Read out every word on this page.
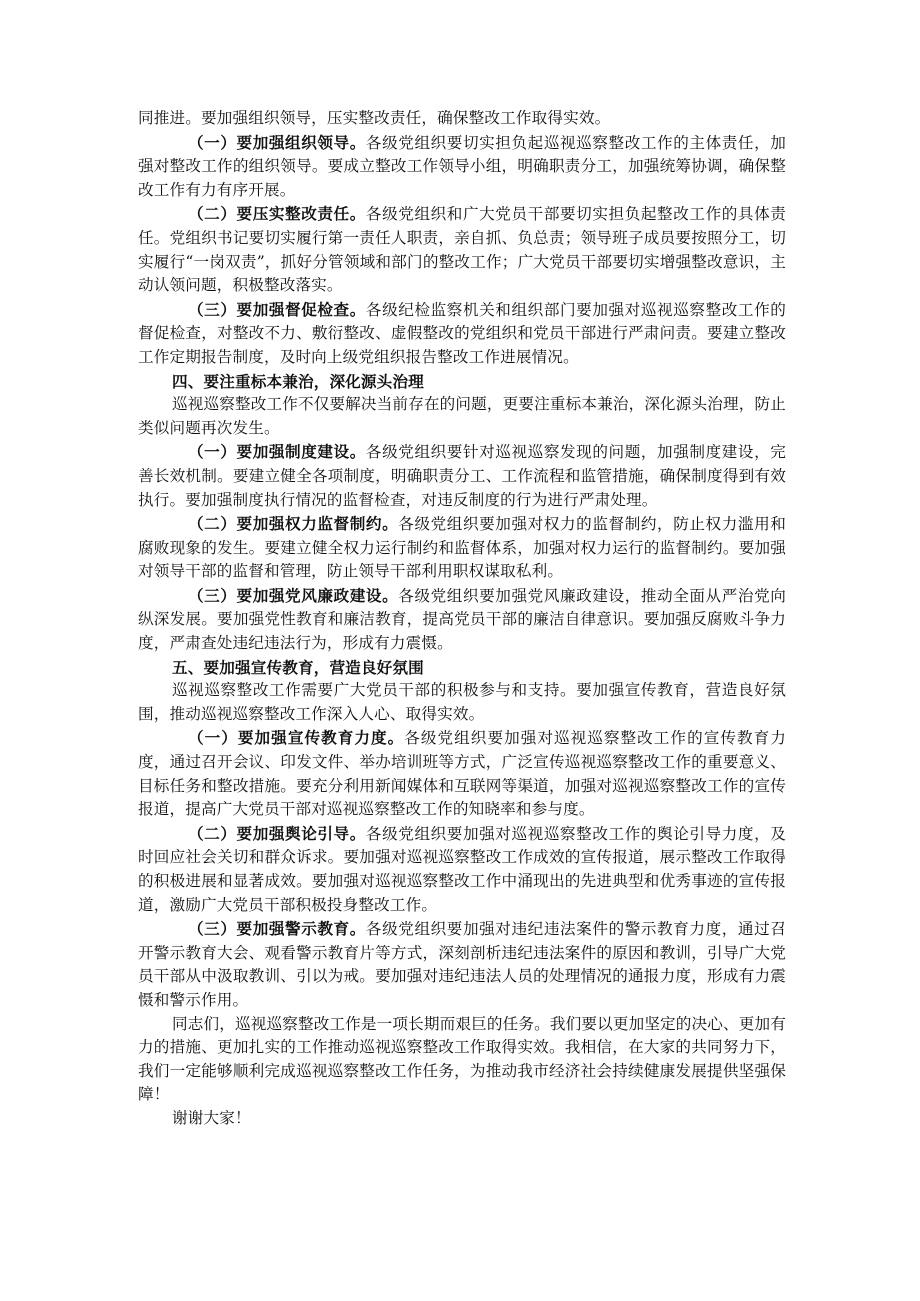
同推进。要加强组织领导，压实整改责任，确保整改工作取得实效。

（一）要加强组织领导。各级党组织要切实担负起巡视巡察整改工作的主体责任，加强对整改工作的组织领导。要成立整改工作领导小组，明确职责分工，加强统筹协调，确保整改工作有力有序开展。

（二）要压实整改责任。各级党组织和广大党员干部要切实担负起整改工作的具体责任。党组织书记要切实履行第一责任人职责，亲自抓、负总责；领导班子成员要按照分工，切实履行“一岗双责”，抓好分管领域和部门的整改工作；广大党员干部要切实增强整改意识，主动认领问题，积极整改落实。

（三）要加强督促检查。各级纪检监察机关和组织部门要加强对巡视巡察整改工作的督促检查，对整改不力、敷衍整改、虚假整改的党组织和党员干部进行严肃问责。要建立整改工作定期报告制度，及时向上级党组织报告整改工作进展情况。

四、要注重标本兼治，深化源头治理

巡视巡察整改工作不仅要解决当前存在的问题，更要注重标本兼治，深化源头治理，防止类似问题再次发生。

（一）要加强制度建设。各级党组织要针对巡视巡察发现的问题，加强制度建设，完善长效机制。要建立健全各项制度，明确职责分工、工作流程和监管措施，确保制度得到有效执行。要加强制度执行情况的监督检查，对违反制度的行为进行严肃处理。

（二）要加强权力监督制约。各级党组织要加强对权力的监督制约，防止权力滥用和腐败现象的发生。要建立健全权力运行制约和监督体系，加强对权力运行的监督制约。要加强对领导干部的监督和管理，防止领导干部利用职权谋取私利。

（三）要加强党风廉政建设。各级党组织要加强党风廉政建设，推动全面从严治党向纵深发展。要加强党性教育和廉洁教育，提高党员干部的廉洁自律意识。要加强反腐败斗争力度，严肃查处违纪违法行为，形成有力震慑。

五、要加强宣传教育，营造良好氛围

巡视巡察整改工作需要广大党员干部的积极参与和支持。要加强宣传教育，营造良好氛围，推动巡视巡察整改工作深入人心、取得实效。

（一）要加强宣传教育力度。各级党组织要加强对巡视巡察整改工作的宣传教育力度，通过召开会议、印发文件、举办培训班等方式，广泛宣传巡视巡察整改工作的重要意义、目标任务和整改措施。要充分利用新闻媒体和互联网等渠道，加强对巡视巡察整改工作的宣传报道，提高广大党员干部对巡视巡察整改工作的知晓率和参与度。

（二）要加强舆论引导。各级党组织要加强对巡视巡察整改工作的舆论引导力度，及时回应社会关切和群众诉求。要加强对巡视巡察整改工作成效的宣传报道，展示整改工作取得的积极进展和显著成效。要加强对巡视巡察整改工作中涌现出的先进典型和优秀事迹的宣传报道，激励广大党员干部积极投身整改工作。

（三）要加强警示教育。各级党组织要加强对违纪违法案件的警示教育力度，通过召开警示教育大会、观看警示教育片等方式，深刻剖析违纪违法案件的原因和教训，引导广大党员干部从中汲取教训、引以为戒。要加强对违纪违法人员的处理情况的通报力度，形成有力震慑和警示作用。

同志们，巡视巡察整改工作是一项长期而艰巨的任务。我们要以更加坚定的决心、更加有力的措施、更加扎实的工作推动巡视巡察整改工作取得实效。我相信，在大家的共同努力下，我们一定能够顺利完成巡视巡察整改工作任务，为推动我市经济社会持续健康发展提供坚强保障！

谢谢大家！
